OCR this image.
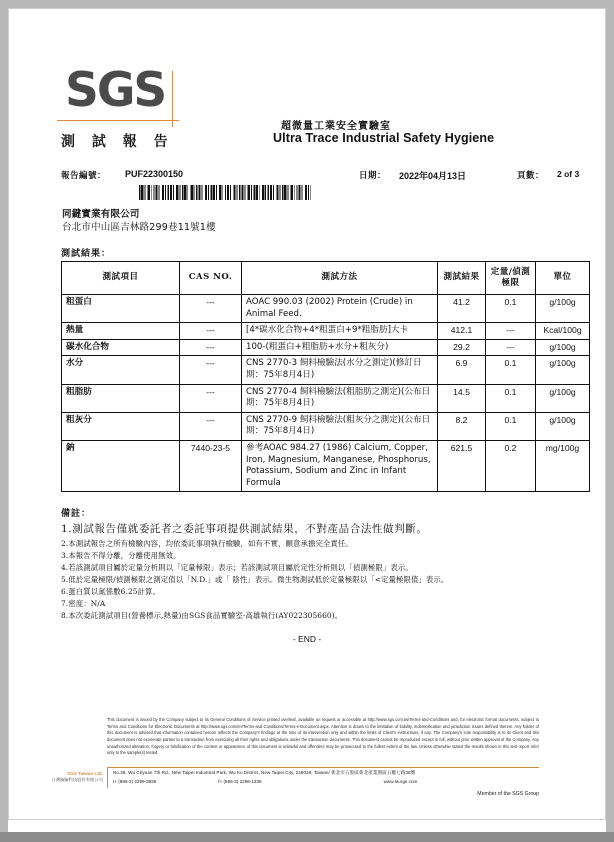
SGS
測 試 報 告
超微量工業安全實驗室
Ultra Trace Industrial Safety Hygiene
報告編號： PUF22300150	日期： 2022年04月13日	頁數： 2 of 3
同鍵實業有限公司
台北市中山區吉林路299巷11號1樓
測試結果：
測試項目	CAS NO.	測試方法	測試結果	定量/偵測極限	單位
粗蛋白	---	AOAC 990.03 (2002) Protein (Crude) in Animal Feed.	41.2	0.1	g/100g
熱量	---	[4*碳水化合物+4*粗蛋白+9*粗脂肪]大卡	412.1	---	Kcal/100g
碳水化合物	---	100-(粗蛋白+粗脂肪+水分+粗灰分)	29.2	---	g/100g
水分	---	CNS 2770-3 飼料檢驗法(水分之測定)(修訂日期：75年8月4日)	6.9	0.1	g/100g
粗脂肪	---	CNS 2770-4 飼料檢驗法(粗脂肪之測定)(公布日期：75年8月4日)	14.5	0.1	g/100g
粗灰分	---	CNS 2770-9 飼料檢驗法(粗灰分之測定)(公布日期：75年8月4日)	8.2	0.1	g/100g
鈉	7440-23-5	參考AOAC 984.27 (1986) Calcium, Copper, Iron, Magnesium, Manganese, Phosphorus, Potassium, Sodium and Zinc in Infant Formula	621.5	0.2	mg/100g
備註：
1.測試報告僅就委託者之委託事項提供測試結果，不對產品合法性做判斷。
2.本測試報告之所有檢驗內容，均依委託事項執行檢驗，如有不實，願意承擔完全責任。
3.本報告不得分離，分離使用無效。
4.若該測試項目屬於定量分析則以「定量極限」表示；若該測試項目屬於定性分析則以「偵測極限」表示。
5.低於定量極限/偵測極限之測定值以「N.D.」或「 陰性」表示。微生物測試低於定量極限以「<定量極限值」表示。
6.蛋白質以氮係數6.25計算。
7.密度：N/A
8.本次委託測試項目(營養標示,熱量)由SGS食品實驗室-高雄執行(AY022305660)。
- END -
This document is issued by the Company subject to its General Conditions of Service printed overleaf, available on request or accessible at http://www.sgs.com.tw/Terms-and-Conditions and, for electronic format documents, subject to Terms and Conditions for Electronic Documents at http://www.sgs.com/en/Terms-and-Conditions/Terms-e-Document.aspx. Attention is drawn to the limitation of liability, indemnification and jurisdiction issues defined therein. Any holder of this document is advised that information contained hereon reflects the Company's findings at the time of its intervention only and within the limits of Client's instructions, if any. The Company's sole responsibility is to its Client and this document does not exonerate parties to a transaction from exercising all their rights and obligations under the transaction documents. This document cannot be reproduced except in full, without prior written approval of the Company. Any unauthorized alteration, forgery or falsification of the content or appearance of this document is unlawful and offenders may be prosecuted to the fullest extent of the law. Unless otherwise stated the results shown in this test report refer only to the sample(s) tested.
SGS Taiwan Ltd.
台灣檢驗科技股份有限公司
No.38, Wu Chyuan 7th Rd., New Taipei Industrial Park, Wu Ku District, New Taipei City, 248028, Taiwan/ 新北市五股區新北產業園區五權七路38號
t+ (886-2) 2299-3939	f+ (886-2) 2298-1338	www.tw.sgs.com
Member of the SGS Group
